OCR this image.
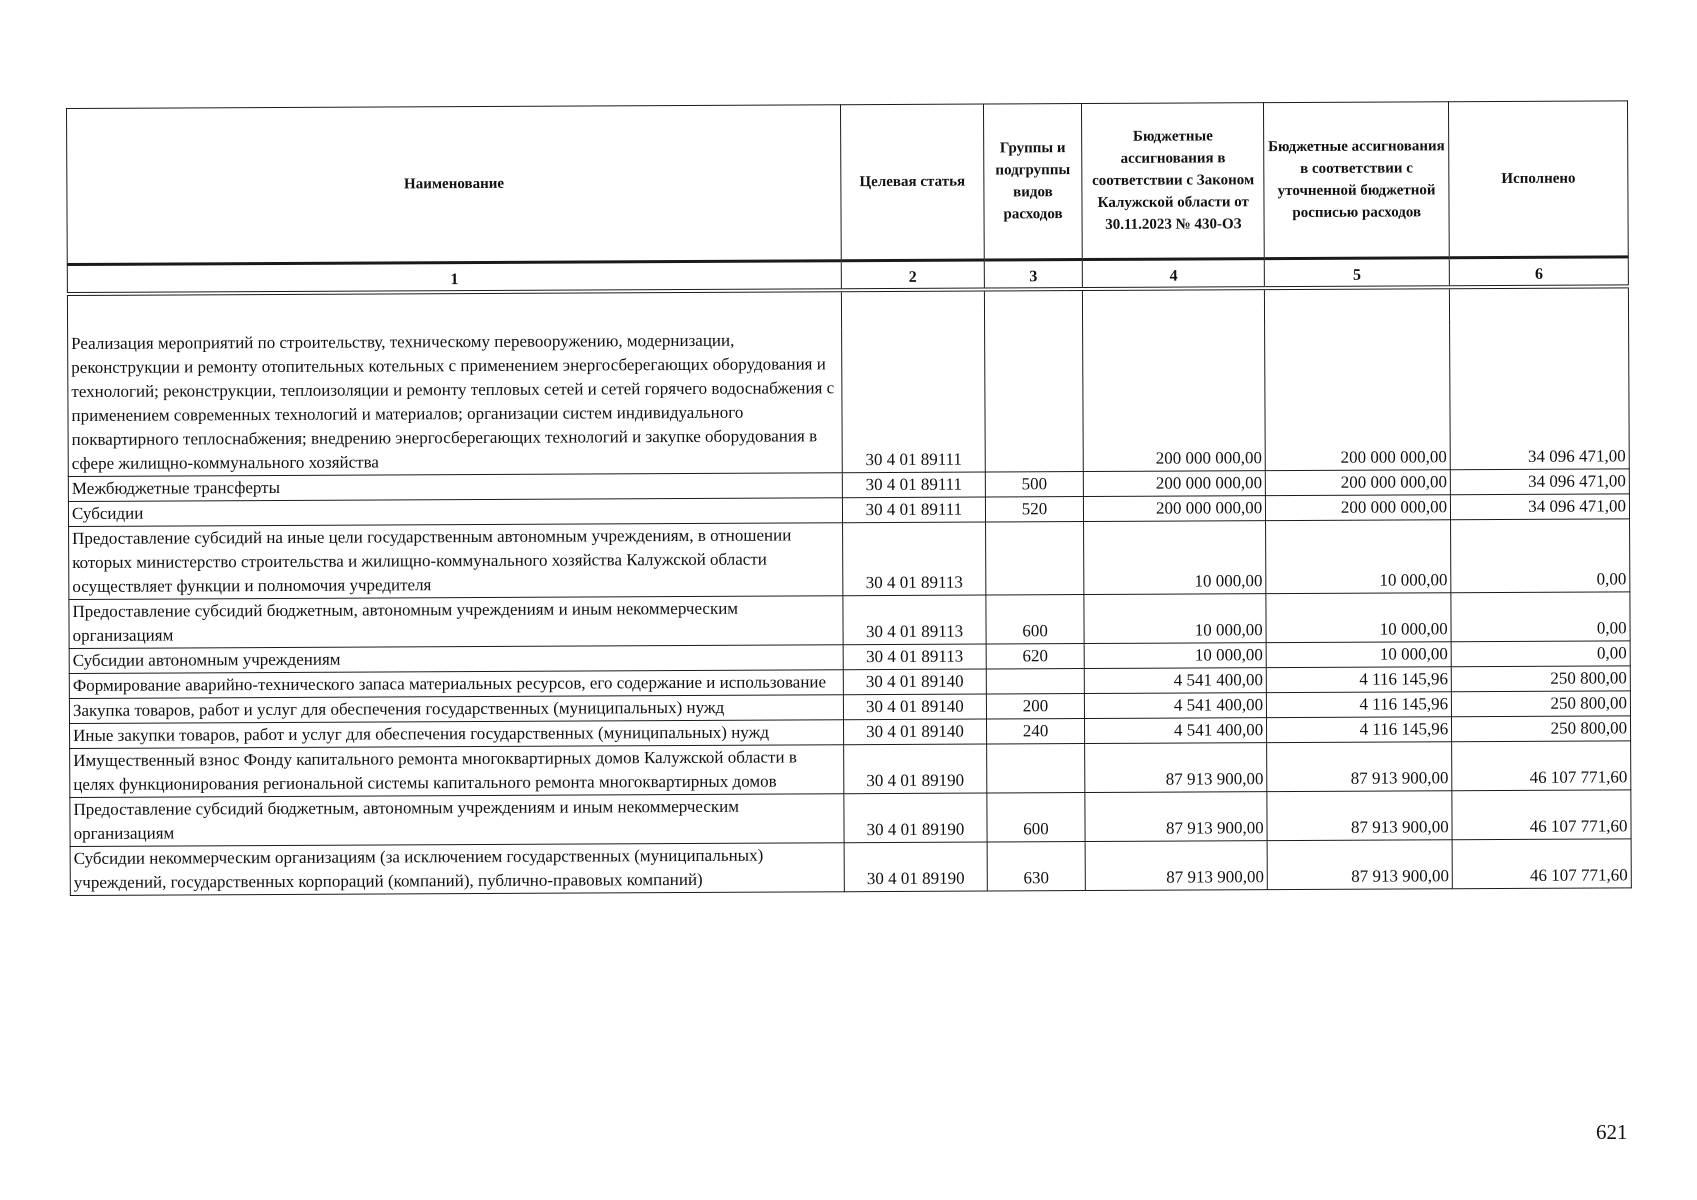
Наименование	Целевая статья	Группы и подгруппы видов расходов	Бюджетные ассигнования в соответствии с Законом Калужской области от 30.11.2023 № 430-ОЗ	Бюджетные ассигнования в соответствии с уточненной бюджетной росписью расходов	Исполнено
1	2	3	4	5	6

Реализация мероприятий по строительству, техническому перевооружению, модернизации, реконструкции и ремонту отопительных котельных с применением энергосберегающих оборудования и технологий; реконструкции, теплоизоляции и ремонту тепловых сетей и сетей горячего водоснабжения с применением современных технологий и материалов; организации систем индивидуального поквартирного теплоснабжения; внедрению энергосберегающих технологий и закупке оборудования в сфере жилищно-коммунального хозяйства	30 4 01 89111		200 000 000,00	200 000 000,00	34 096 471,00
Межбюджетные трансферты	30 4 01 89111	500	200 000 000,00	200 000 000,00	34 096 471,00
Субсидии	30 4 01 89111	520	200 000 000,00	200 000 000,00	34 096 471,00
Предоставление субсидий на иные цели государственным автономным учреждениям, в отношении которых министерство строительства и жилищно-коммунального хозяйства Калужской области осуществляет функции и полномочия учредителя	30 4 01 89113		10 000,00	10 000,00	0,00
Предоставление субсидий бюджетным, автономным учреждениям и иным некоммерческим организациям	30 4 01 89113	600	10 000,00	10 000,00	0,00
Субсидии автономным учреждениям	30 4 01 89113	620	10 000,00	10 000,00	0,00
Формирование аварийно-технического запаса материальных ресурсов, его содержание и использование	30 4 01 89140		4 541 400,00	4 116 145,96	250 800,00
Закупка товаров, работ и услуг для обеспечения государственных (муниципальных) нужд	30 4 01 89140	200	4 541 400,00	4 116 145,96	250 800,00
Иные закупки товаров, работ и услуг для обеспечения государственных (муниципальных) нужд	30 4 01 89140	240	4 541 400,00	4 116 145,96	250 800,00
Имущественный взнос Фонду капитального ремонта многоквартирных домов Калужской области в целях функционирования региональной системы капитального ремонта многоквартирных домов	30 4 01 89190		87 913 900,00	87 913 900,00	46 107 771,60
Предоставление субсидий бюджетным, автономным учреждениям и иным некоммерческим организациям	30 4 01 89190	600	87 913 900,00	87 913 900,00	46 107 771,60
Субсидии некоммерческим организациям (за исключением государственных (муниципальных) учреждений, государственных корпораций (компаний), публично-правовых компаний)	30 4 01 89190	630	87 913 900,00	87 913 900,00	46 107 771,60
621
